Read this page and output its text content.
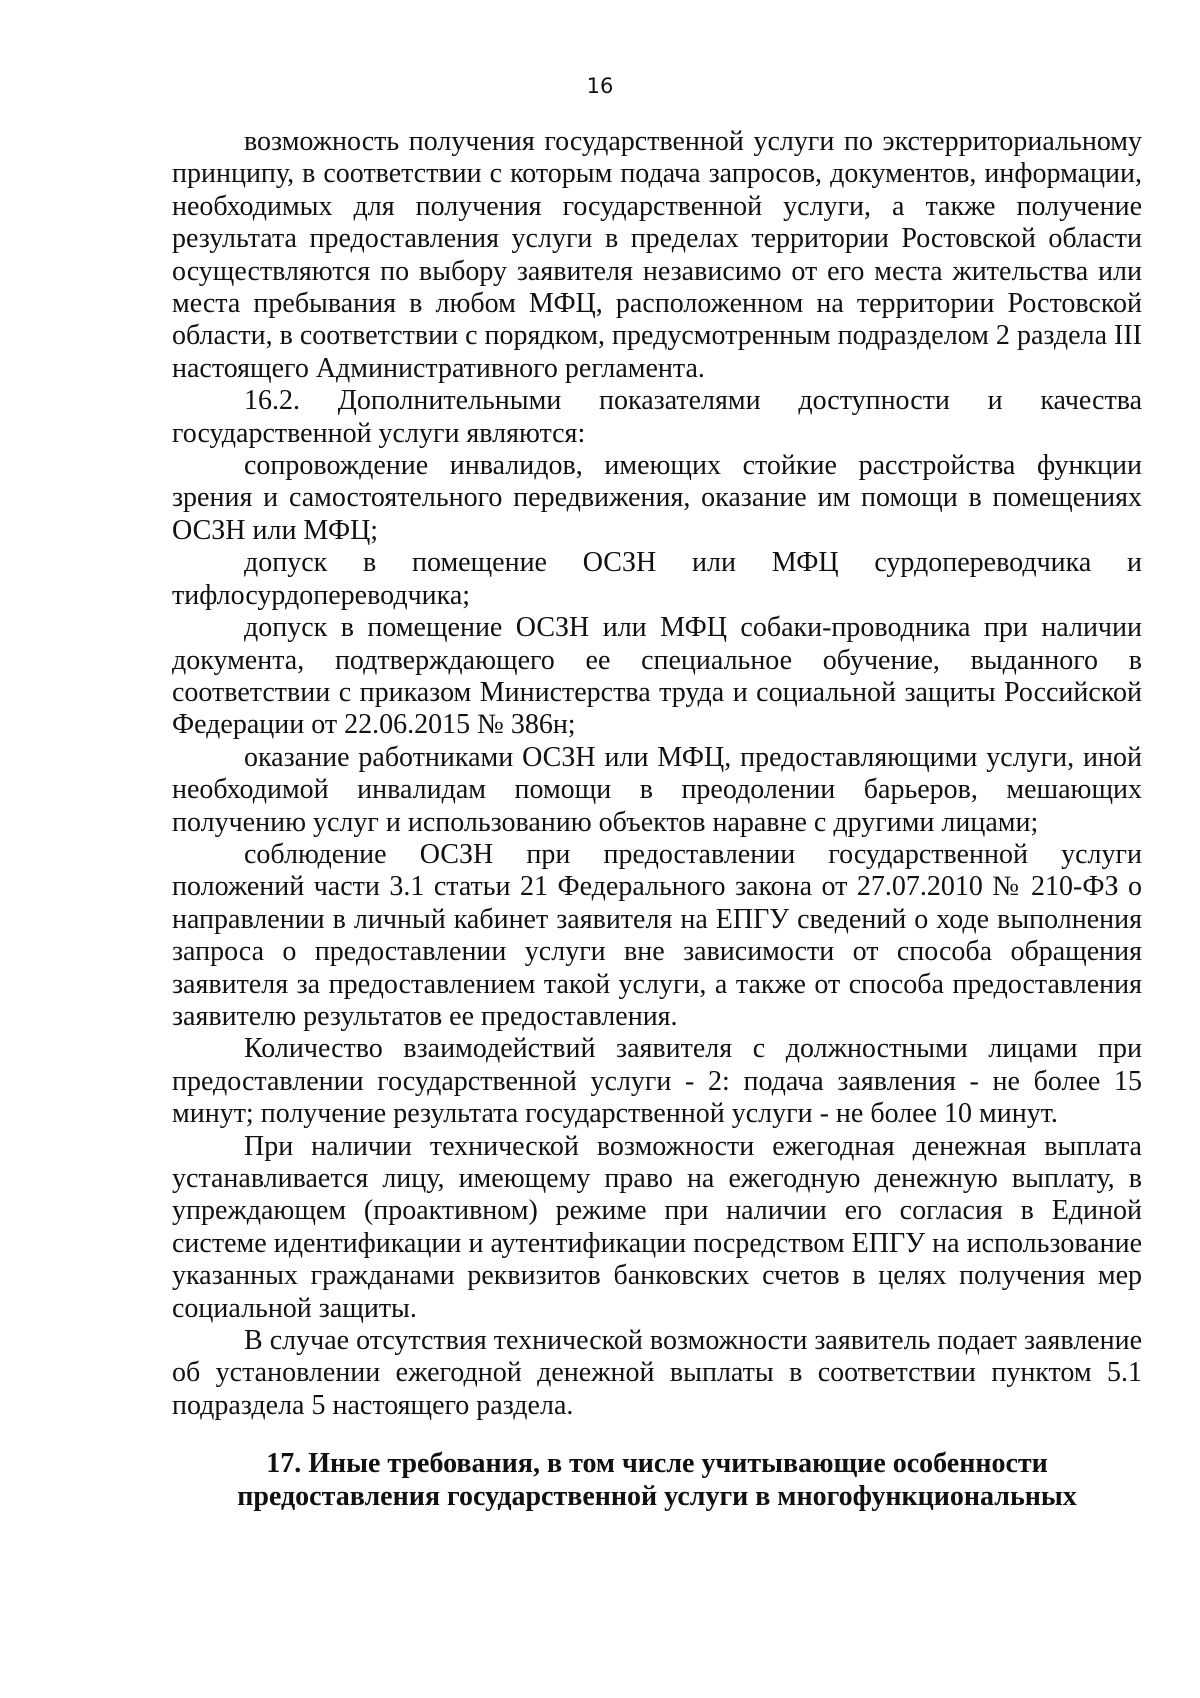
16

возможность получения государственной услуги по экстерриториальному принципу, в соответствии с которым подача запросов, документов, информации, необходимых для получения государственной услуги, а также получение результата предоставления услуги в пределах территории Ростовской области осуществляются по выбору заявителя независимо от его места жительства или места пребывания в любом МФЦ, расположенном на территории Ростовской области, в соответствии с порядком, предусмотренным подразделом 2 раздела III настоящего Административного регламента.

16.2. Дополнительными показателями доступности и качества государственной услуги являются:

сопровождение инвалидов, имеющих стойкие расстройства функции зрения и самостоятельного передвижения, оказание им помощи в помещениях ОСЗН или МФЦ;

допуск в помещение ОСЗН или МФЦ сурдопереводчика и тифлосурдопереводчика;

допуск в помещение ОСЗН или МФЦ собаки-проводника при наличии документа, подтверждающего ее специальное обучение, выданного в соответствии с приказом Министерства труда и социальной защиты Российской Федерации от 22.06.2015 № 386н;

оказание работниками ОСЗН или МФЦ, предоставляющими услуги, иной необходимой инвалидам помощи в преодолении барьеров, мешающих получению услуг и использованию объектов наравне с другими лицами;

соблюдение ОСЗН при предоставлении государственной услуги положений части 3.1 статьи 21 Федерального закона от 27.07.2010 № 210-ФЗ о направлении в личный кабинет заявителя на ЕПГУ сведений о ходе выполнения запроса о предоставлении услуги вне зависимости от способа обращения заявителя за предоставлением такой услуги, а также от способа предоставления заявителю результатов ее предоставления.

Количество взаимодействий заявителя с должностными лицами при предоставлении государственной услуги - 2: подача заявления - не более 15 минут; получение результата государственной услуги - не более 10 минут.

При наличии технической возможности ежегодная денежная выплата устанавливается лицу, имеющему право на ежегодную денежную выплату, в упреждающем (проактивном) режиме при наличии его согласия в Единой системе идентификации и аутентификации посредством ЕПГУ на использование указанных гражданами реквизитов банковских счетов в целях получения мер социальной защиты.

В случае отсутствия технической возможности заявитель подает заявление об установлении ежегодной денежной выплаты в соответствии пунктом 5.1 подраздела 5 настоящего раздела.

17. Иные требования, в том числе учитывающие особенности предоставления государственной услуги в многофункциональных
